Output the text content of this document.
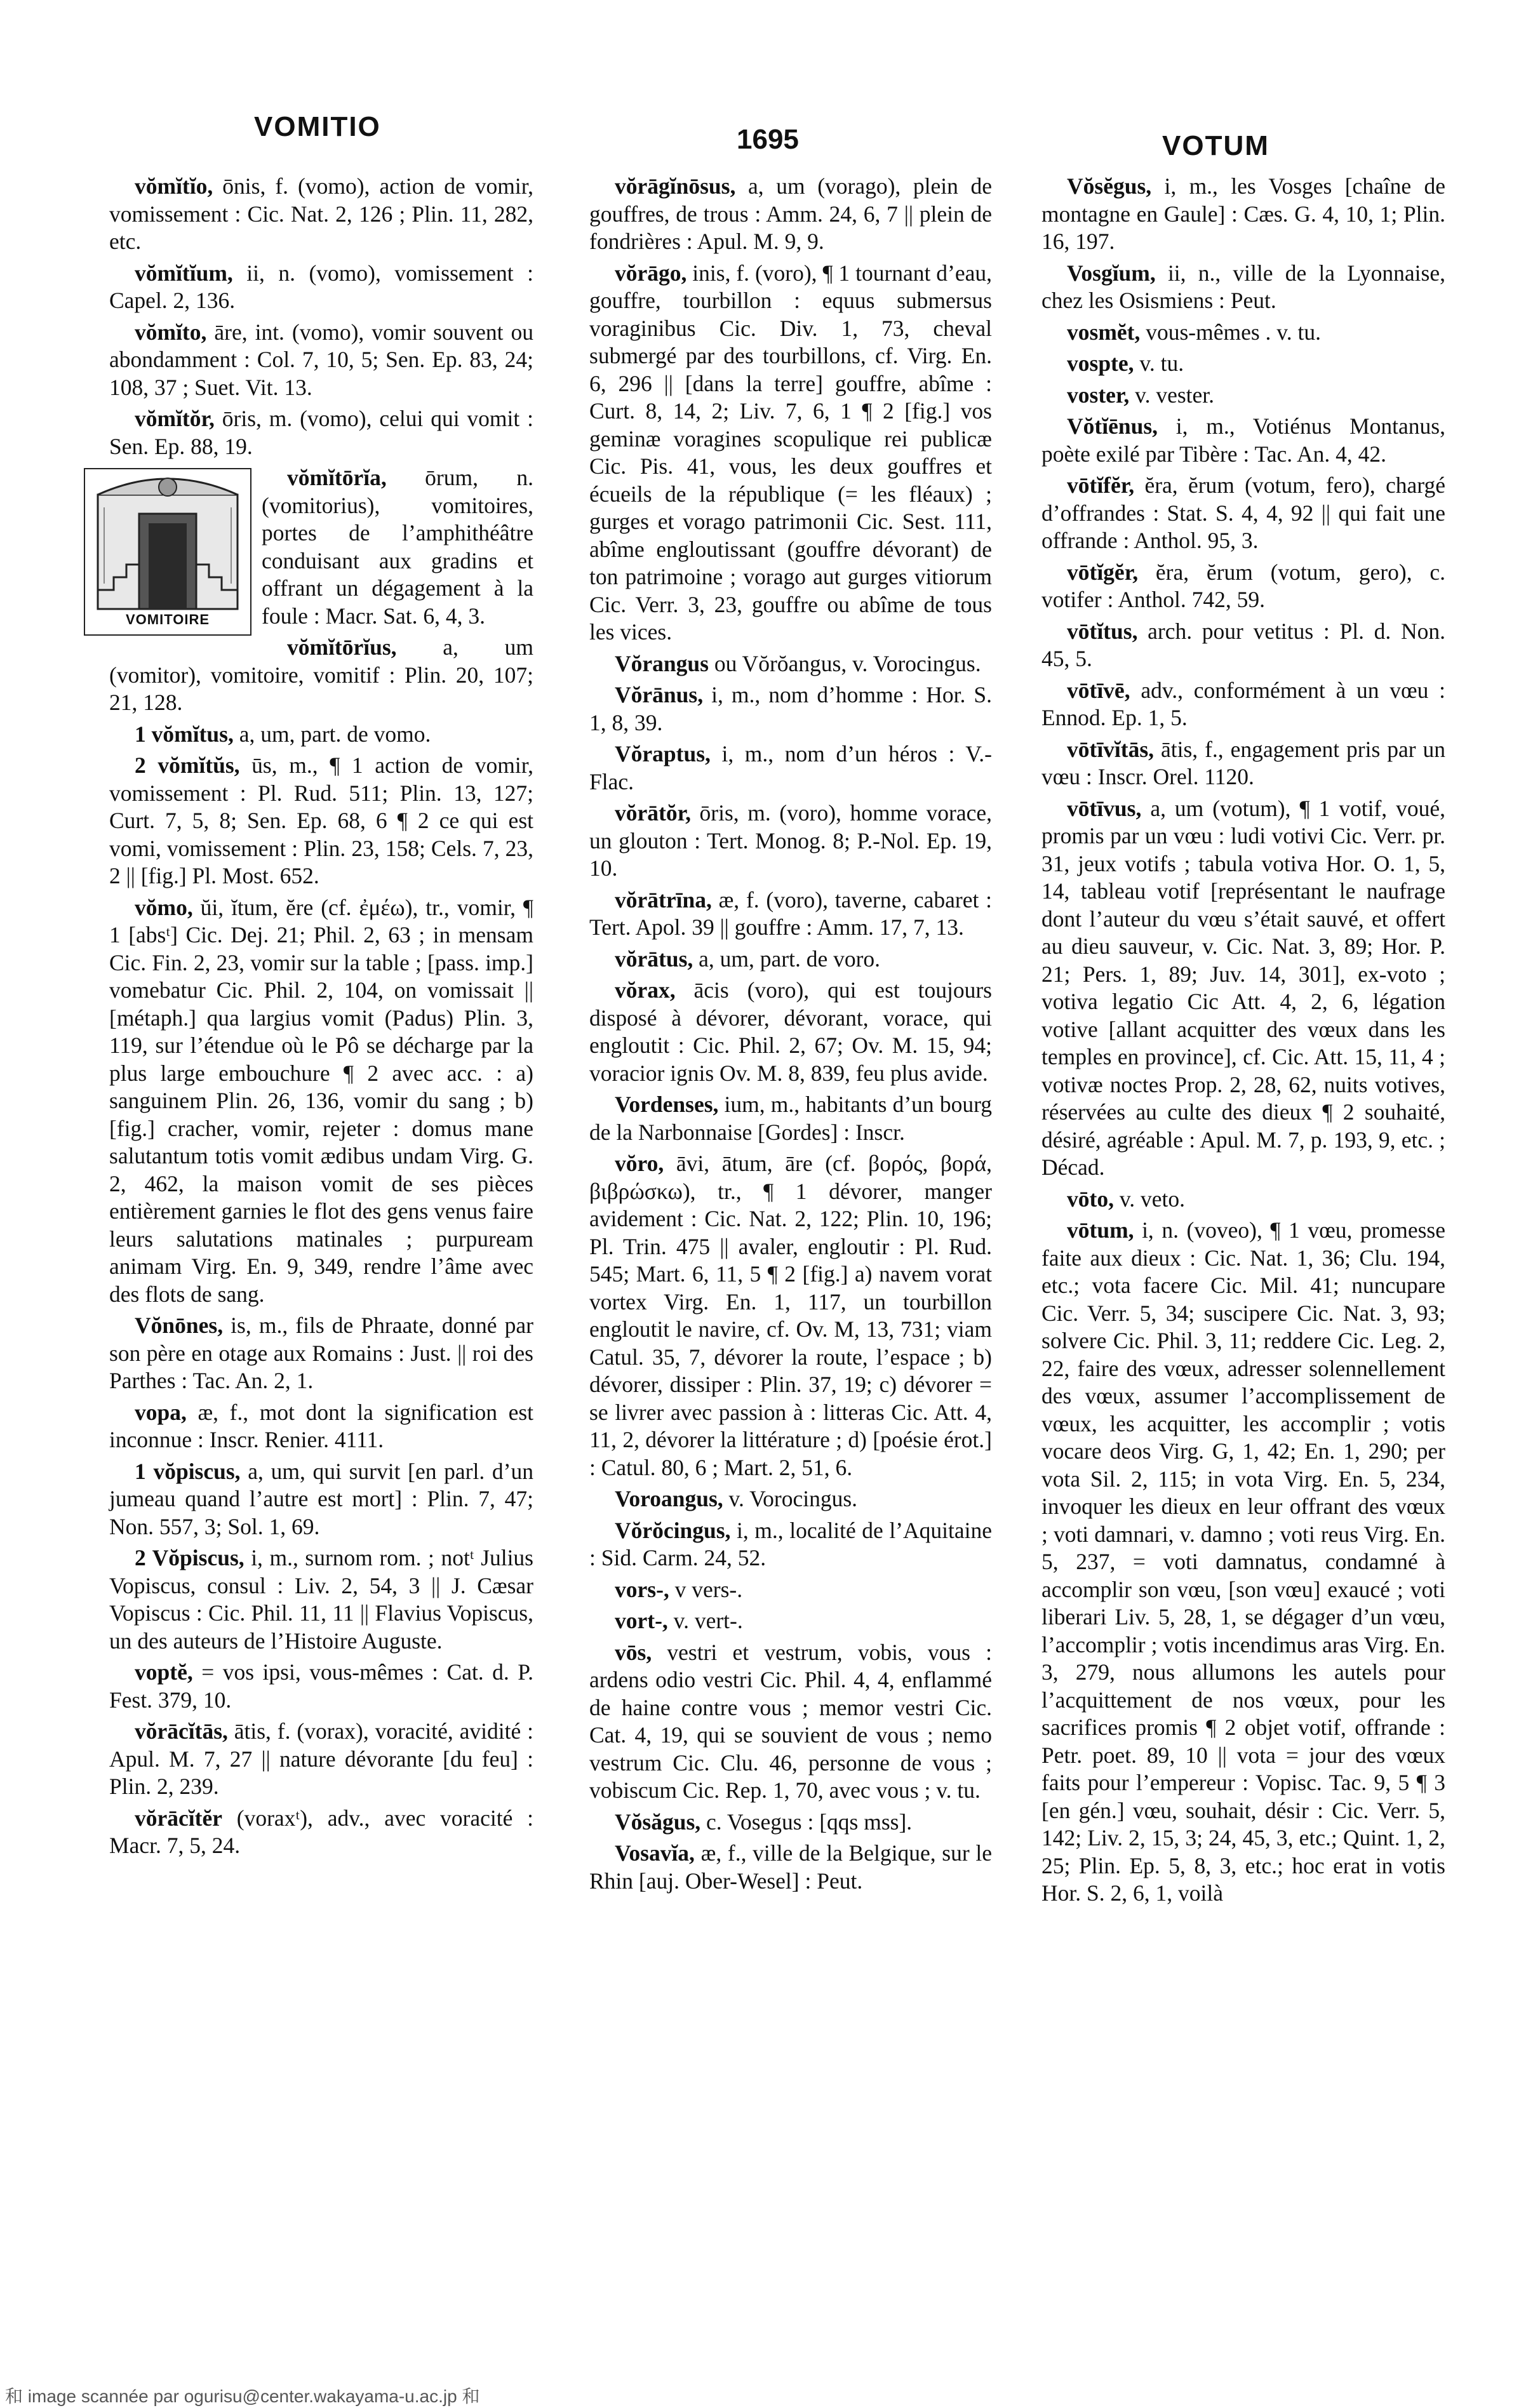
VOMITIO	1695	VOTUM

vŏmĭtĭo, ōnis, f. (vomo), action de vomir, vomissement : Cic. Nat. 2, 126 ; Plin. 11, 282, etc.

vŏmĭtĭum, ii, n. (vomo), vomissement : Capel. 2, 136.

vŏmĭto, āre, int. (vomo), vomir souvent ou abondamment : Col. 7, 10, 5; Sen. Ep. 83, 24; 108, 37 ; Suet. Vit. 13.

vŏmĭtŏr, ōris, m. (vomo), celui qui vomit : Sen. Ep. 88, 19.

VOMITOIRE
vŏmĭtōrĭa, ōrum, n. (vomitorius), vomitoires, portes de l’amphithéâtre conduisant aux gradins et offrant un dégagement à la foule : Macr. Sat. 6, 4, 3.

vŏmĭtōrĭus, a, um (vomitor), vomitoire, vomitif : Plin. 20, 107; 21, 128.

1 vŏmĭtus, a, um, part. de vomo.

2 vŏmĭtŭs, ūs, m., ¶ 1 action de vomir, vomissement : Pl. Rud. 511; Plin. 13, 127; Curt. 7, 5, 8; Sen. Ep. 68, 6 ¶ 2 ce qui est vomi, vomissement : Plin. 23, 158; Cels. 7, 23, 2 || [fig.] Pl. Most. 652.

vŏmo, ŭi, ĭtum, ĕre (cf. ἐμέω), tr., vomir, ¶ 1 [absᵗ] Cic. Dej. 21; Phil. 2, 63 ; in mensam Cic. Fin. 2, 23, vomir sur la table ; [pass. imp.] vomebatur Cic. Phil. 2, 104, on vomissait || [métaph.] qua largius vomit (Padus) Plin. 3, 119, sur l’étendue où le Pô se décharge par la plus large embouchure ¶ 2 avec acc. : a) sanguinem Plin. 26, 136, vomir du sang ; b) [fig.] cracher, vomir, rejeter : domus mane salutantum totis vomit ædibus undam Virg. G. 2, 462, la maison vomit de ses pièces entièrement garnies le flot des gens venus faire leurs salutations matinales ; purpuream animam Virg. En. 9, 349, rendre l’âme avec des flots de sang.

Vŏnōnes, is, m., fils de Phraate, donné par son père en otage aux Romains : Just. || roi des Parthes : Tac. An. 2, 1.

vopa, æ, f., mot dont la signification est inconnue : Inscr. Renier. 4111.

1 vŏpiscus, a, um, qui survit [en parl. d’un jumeau quand l’autre est mort] : Plin. 7, 47; Non. 557, 3; Sol. 1, 69.

2 Vŏpiscus, i, m., surnom rom. ; notᵗ Julius Vopiscus, consul : Liv. 2, 54, 3 || J. Cæsar Vopiscus : Cic. Phil. 11, 11 || Flavius Vopiscus, un des auteurs de l’Histoire Auguste.

voptĕ, = vos ipsi, vous-mêmes : Cat. d. P. Fest. 379, 10.

vŏrācĭtās, ātis, f. (vorax), voracité, avidité : Apul. M. 7, 27 || nature dévorante [du feu] : Plin. 2, 239.

vŏrācĭtĕr (voraxᵗ), adv., avec voracité : Macr. 7, 5, 24.

vŏrāgĭnōsus, a, um (vorago), plein de gouffres, de trous : Amm. 24, 6, 7 || plein de fondrières : Apul. M. 9, 9.

vŏrāgo, inis, f. (voro), ¶ 1 tournant d’eau, gouffre, tourbillon : equus submersus voraginibus Cic. Div. 1, 73, cheval submergé par des tourbillons, cf. Virg. En. 6, 296 || [dans la terre] gouffre, abîme : Curt. 8, 14, 2; Liv. 7, 6, 1 ¶ 2 [fig.] vos geminæ voragines scopulique rei publicæ Cic. Pis. 41, vous, les deux gouffres et écueils de la république (= les fléaux) ; gurges et vorago patrimonii Cic. Sest. 111, abîme engloutissant (gouffre dévorant) de ton patrimoine ; vorago aut gurges vitiorum Cic. Verr. 3, 23, gouffre ou abîme de tous les vices.

Vŏrangus ou Vŏrŏangus, v. Vorocingus.

Vŏrānus, i, m., nom d’homme : Hor. S. 1, 8, 39.

Vŏraptus, i, m., nom d’un héros : V.-Flac.

vŏrātŏr, ōris, m. (voro), homme vorace, un glouton : Tert. Monog. 8; P.-Nol. Ep. 19, 10.

vŏrātrīna, æ, f. (voro), taverne, cabaret : Tert. Apol. 39 || gouffre : Amm. 17, 7, 13.

vŏrātus, a, um, part. de voro.

vŏrax, ācis (voro), qui est toujours disposé à dévorer, dévorant, vorace, qui engloutit : Cic. Phil. 2, 67; Ov. M. 15, 94; voracior ignis Ov. M. 8, 839, feu plus avide.

Vordenses, ium, m., habitants d’un bourg de la Narbonnaise [Gordes] : Inscr.

vŏro, āvi, ātum, āre (cf. βορός, βορά, βιβρώσκω), tr., ¶ 1 dévorer, manger avidement : Cic. Nat. 2, 122; Plin. 10, 196; Pl. Trin. 475 || avaler, engloutir : Pl. Rud. 545; Mart. 6, 11, 5 ¶ 2 [fig.] a) navem vorat vortex Virg. En. 1, 117, un tourbillon engloutit le navire, cf. Ov. M, 13, 731; viam Catul. 35, 7, dévorer la route, l’espace ; b) dévorer, dissiper : Plin. 37, 19; c) dévorer = se livrer avec passion à : litteras Cic. Att. 4, 11, 2, dévorer la littérature ; d) [poésie érot.] : Catul. 80, 6 ; Mart. 2, 51, 6.

Voroangus, v. Vorocingus.

Vŏrŏcingus, i, m., localité de l’Aquitaine : Sid. Carm. 24, 52.

vors-, v vers-.

vort-, v. vert-.

vōs, vestri et vestrum, vobis, vous : ardens odio vestri Cic. Phil. 4, 4, enflammé de haine contre vous ; memor vestri Cic. Cat. 4, 19, qui se souvient de vous ; nemo vestrum Cic. Clu. 46, personne de vous ; vobiscum Cic. Rep. 1, 70, avec vous ; v. tu.

Vŏsăgus, c. Vosegus : [qqs mss].

Vosavĭa, æ, f., ville de la Belgique, sur le Rhin [auj. Ober-Wesel] : Peut.

Vŏsĕgus, i, m., les Vosges [chaîne de montagne en Gaule] : Cæs. G. 4, 10, 1; Plin. 16, 197.

Vosgĭum, ii, n., ville de la Lyonnaise, chez les Osismiens : Peut.

vosmĕt, vous-mêmes . v. tu.

vospte, v. tu.

voster, v. vester.

Vŏtĭēnus, i, m., Votiénus Montanus, poète exilé par Tibère : Tac. An. 4, 42.

vōtĭfĕr, ĕra, ĕrum (votum, fero), chargé d’offrandes : Stat. S. 4, 4, 92 || qui fait une offrande : Anthol. 95, 3.

vōtĭgĕr, ĕra, ĕrum (votum, gero), c. votifer : Anthol. 742, 59.

vōtĭtus, arch. pour vetitus : Pl. d. Non. 45, 5.

vōtīvē, adv., conformément à un vœu : Ennod. Ep. 1, 5.

vōtīvĭtās, ātis, f., engagement pris par un vœu : Inscr. Orel. 1120.

vōtīvus, a, um (votum), ¶ 1 votif, voué, promis par un vœu : ludi votivi Cic. Verr. pr. 31, jeux votifs ; tabula votiva Hor. O. 1, 5, 14, tableau votif [représentant le naufrage dont l’auteur du vœu s’était sauvé, et offert au dieu sauveur, v. Cic. Nat. 3, 89; Hor. P. 21; Pers. 1, 89; Juv. 14, 301], ex-voto ; votiva legatio Cic Att. 4, 2, 6, légation votive [allant acquitter des vœux dans les temples en province], cf. Cic. Att. 15, 11, 4 ; votivæ noctes Prop. 2, 28, 62, nuits votives, réservées au culte des dieux ¶ 2 souhaité, désiré, agréable : Apul. M. 7, p. 193, 9, etc. ; Décad.

vōto, v. veto.

vōtum, i, n. (voveo), ¶ 1 vœu, promesse faite aux dieux : Cic. Nat. 1, 36; Clu. 194, etc.; vota facere Cic. Mil. 41; nuncupare Cic. Verr. 5, 34; suscipere Cic. Nat. 3, 93; solvere Cic. Phil. 3, 11; reddere Cic. Leg. 2, 22, faire des vœux, adresser solennellement des vœux, assumer l’accomplissement de vœux, les acquitter, les accomplir ; votis vocare deos Virg. G, 1, 42; En. 1, 290; per vota Sil. 2, 115; in vota Virg. En. 5, 234, invoquer les dieux en leur offrant des vœux ; voti damnari, v. damno ; voti reus Virg. En. 5, 237, = voti damnatus, condamné à accomplir son vœu, [son vœu] exaucé ; voti liberari Liv. 5, 28, 1, se dégager d’un vœu, l’accomplir ; votis incendimus aras Virg. En. 3, 279, nous allumons les autels pour l’acquittement de nos vœux, pour les sacrifices promis ¶ 2 objet votif, offrande : Petr. poet. 89, 10 || vota = jour des vœux faits pour l’empereur : Vopisc. Tac. 9, 5 ¶ 3 [en gén.] vœu, souhait, désir : Cic. Verr. 5, 142; Liv. 2, 15, 3; 24, 45, 3, etc.; Quint. 1, 2, 25; Plin. Ep. 5, 8, 3, etc.; hoc erat in votis Hor. S. 2, 6, 1, voilà

和 image scannée par ogurisu@center.wakayama-u.ac.jp 和
